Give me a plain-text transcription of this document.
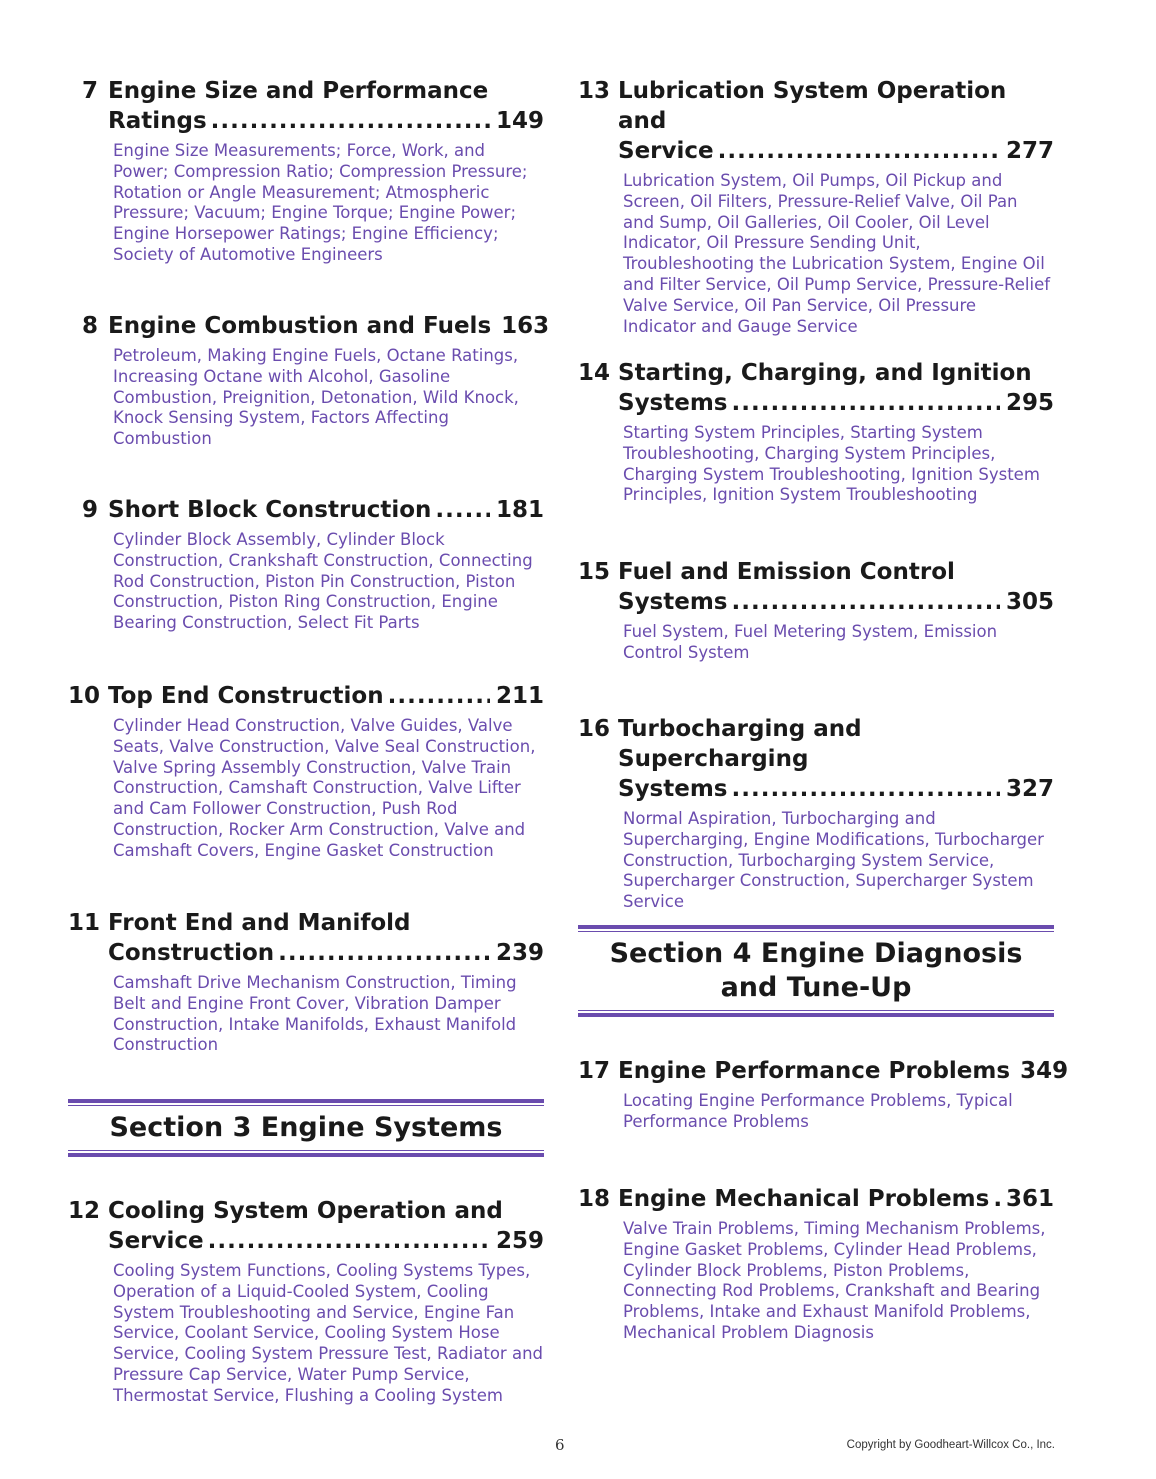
7 Engine Size and Performance
Ratings .....	149
Engine Size Measurements; Force, Work, and Power; Compression Ratio; Compression Pressure; Rotation or Angle Measurement; Atmospheric Pressure; Vacuum; Engine Torque; Engine Power; Engine Horsepower Ratings; Engine Efficiency; Society of Automotive Engineers
8 Engine Combustion and Fuels 163
Petroleum, Making Engine Fuels, Octane Ratings, Increasing Octane with Alcohol, Gasoline Combustion, Preignition, Detonation, Wild Knock, Knock Sensing System, Factors Affecting Combustion
9 Short Block Construction .....	181
Cylinder Block Assembly, Cylinder Block Construction, Crankshaft Construction, Connecting Rod Construction, Piston Pin Construction, Piston Construction, Piston Ring Construction, Engine Bearing Construction, Select Fit Parts
10 Top End Construction .....	211
Cylinder Head Construction, Valve Guides, Valve Seats, Valve Construction, Valve Seal Construction, Valve Spring Assembly Construction, Valve Train Construction, Camshaft Construction, Valve Lifter and Cam Follower Construction, Push Rod Construction, Rocker Arm Construction, Valve and Camshaft Covers, Engine Gasket Construction
11 Front End and Manifold
Construction .....	239
Camshaft Drive Mechanism Construction, Timing Belt and Engine Front Cover, Vibration Damper Construction, Intake Manifolds, Exhaust Manifold Construction
12 Cooling System Operation and
Service .....	259
Cooling System Functions, Cooling Systems Types, Operation of a Liquid-Cooled System, Cooling System Troubleshooting and Service, Engine Fan Service, Coolant Service, Cooling System Hose Service, Cooling System Pressure Test, Radiator and Pressure Cap Service, Water Pump Service, Thermostat Service, Flushing a Cooling System
13 Lubrication System Operation and
Service .....	277
Lubrication System, Oil Pumps, Oil Pickup and Screen, Oil Filters, Pressure-Relief Valve, Oil Pan and Sump, Oil Galleries, Oil Cooler, Oil Level Indicator, Oil Pressure Sending Unit, Troubleshooting the Lubrication System, Engine Oil and Filter Service, Oil Pump Service, Pressure-Relief Valve Service, Oil Pan Service, Oil Pressure Indicator and Gauge Service
14 Starting, Charging, and Ignition
Systems .....	295
Starting System Principles, Starting System Troubleshooting, Charging System Principles, Charging System Troubleshooting, Ignition System Principles, Ignition System Troubleshooting
15 Fuel and Emission Control
Systems .....	305
Fuel System, Fuel Metering System, Emission Control System
16 Turbocharging and Supercharging
Systems .....	327
Normal Aspiration, Turbocharging and Supercharging, Engine Modifications, Turbocharger Construction, Turbocharging System Service, Supercharger Construction, Supercharger System Service
17 Engine Performance Problems 349
Locating Engine Performance Problems, Typical Performance Problems
18 Engine Mechanical Problems ..... 361
Valve Train Problems, Timing Mechanism Problems, Engine Gasket Problems, Cylinder Head Problems, Cylinder Block Problems, Piston Problems, Connecting Rod Problems, Crankshaft and Bearing Problems, Intake and Exhaust Manifold Problems, Mechanical Problem Diagnosis
Section 3 Engine Systems
Section 4 Engine Diagnosis
and Tune-Up
6	Copyright by Goodheart-Willcox Co., Inc.
